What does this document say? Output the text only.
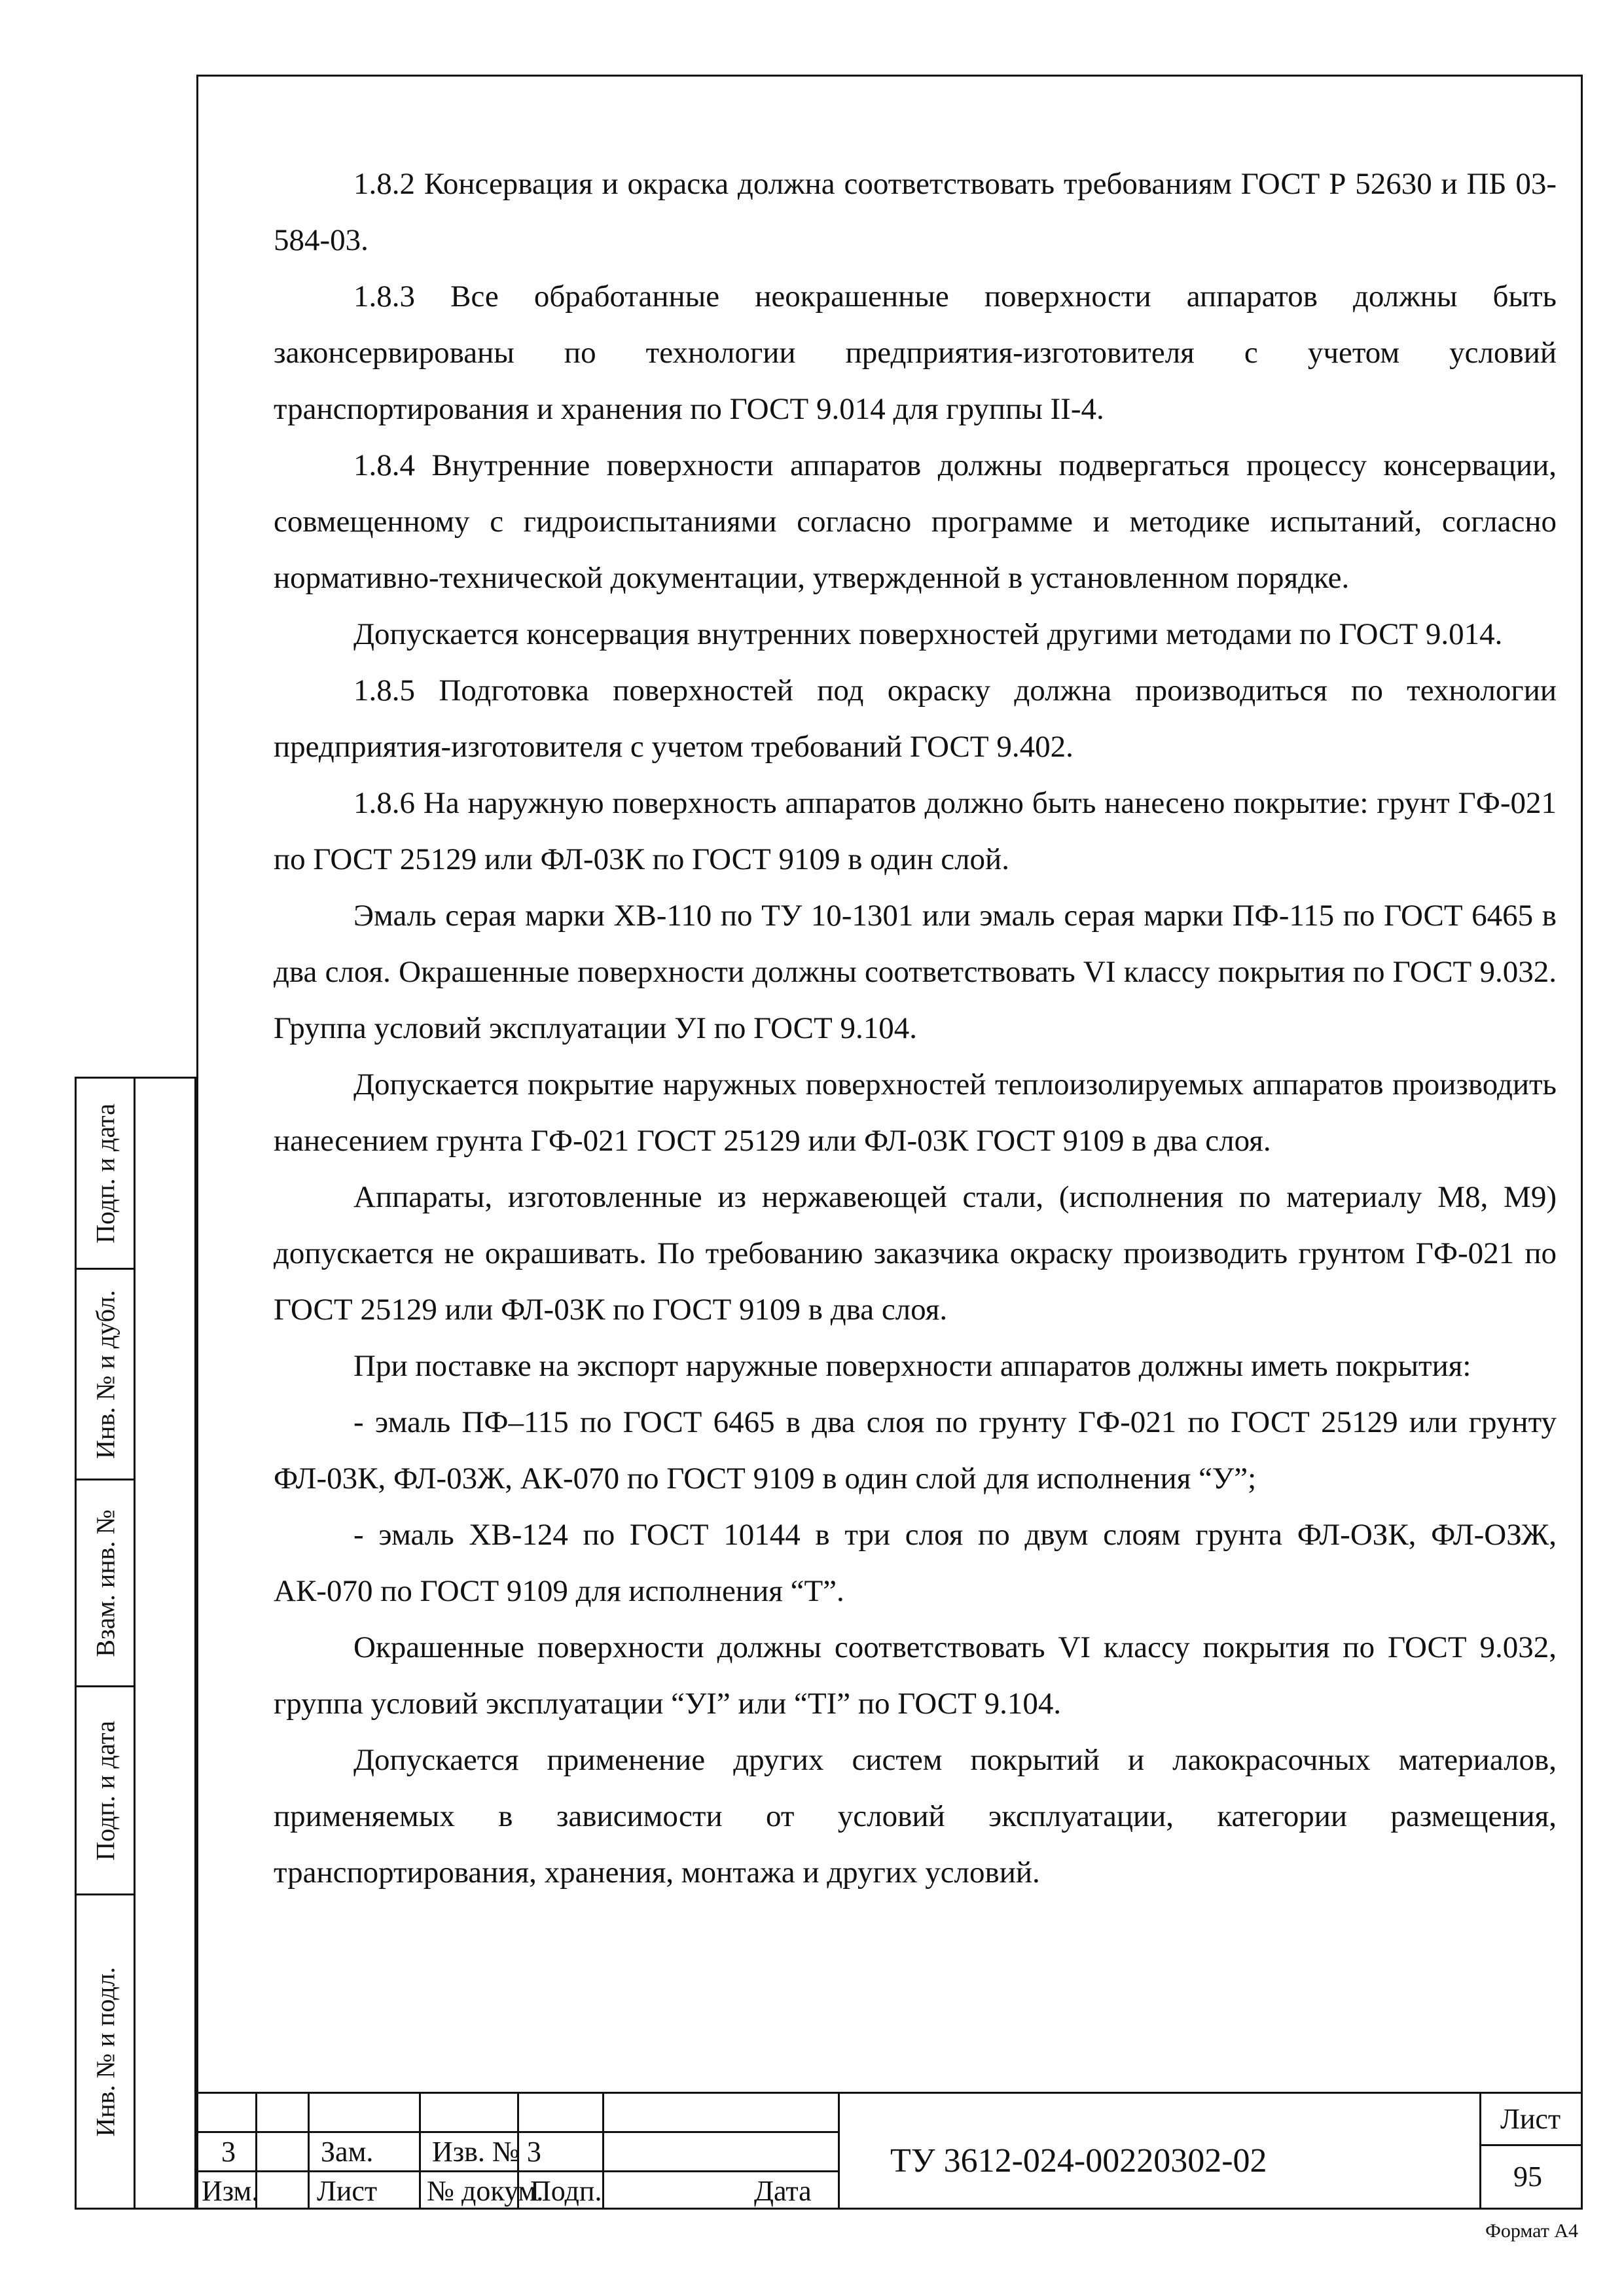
1.8.2 Консервация и окраска должна соответствовать требованиям ГОСТ Р 52630 и ПБ 03-584-03.

1.8.3 Все обработанные неокрашенные поверхности аппаратов должны быть законсервированы по технологии предприятия-изготовителя с учетом условий транспортирования и хранения по ГОСТ 9.014 для группы II-4.

1.8.4 Внутренние поверхности аппаратов должны подвергаться процессу консервации, совмещенному с гидроиспытаниями согласно программе и методике испытаний, согласно нормативно-технической документации, утвержденной в установленном порядке.

Допускается консервация внутренних поверхностей другими методами по ГОСТ 9.014.

1.8.5 Подготовка поверхностей под окраску должна производиться по технологии предприятия-изготовителя с учетом требований ГОСТ 9.402.

1.8.6 На наружную поверхность аппаратов должно быть нанесено покрытие: грунт ГФ-021 по ГОСТ 25129 или ФЛ-03К по ГОСТ 9109 в один слой.

Эмаль серая марки ХВ-110 по ТУ 10-1301 или эмаль серая марки ПФ-115 по ГОСТ 6465 в два слоя. Окрашенные поверхности должны соответствовать VI классу покрытия по ГОСТ 9.032. Группа условий эксплуатации УI по ГОСТ 9.104.

Допускается покрытие наружных поверхностей теплоизолируемых аппаратов производить нанесением грунта ГФ-021 ГОСТ 25129 или ФЛ-03К ГОСТ 9109 в два слоя.

Аппараты, изготовленные из нержавеющей стали, (исполнения по материалу М8, М9) допускается не окрашивать. По требованию заказчика окраску производить грунтом ГФ-021 по ГОСТ 25129 или ФЛ-03К по ГОСТ 9109 в два слоя.

При поставке на экспорт наружные поверхности аппаратов должны иметь покрытия:

- эмаль ПФ–115 по ГОСТ 6465 в два слоя по грунту ГФ-021 по ГОСТ 25129 или грунту ФЛ-03К, ФЛ-03Ж, АК-070 по ГОСТ 9109 в один слой для исполнения “У”;

- эмаль ХВ-124 по ГОСТ 10144 в три слоя по двум слоям грунта ФЛ-ОЗК, ФЛ-ОЗЖ, АК-070 по ГОСТ 9109 для исполнения “Т”.

Окрашенные поверхности должны соответствовать VI классу покрытия по ГОСТ 9.032, группа условий эксплуатации “УI” или “ТI” по ГОСТ 9.104.

Допускается применение других систем покрытий и лакокрасочных материалов, применяемых в зависимости от условий эксплуатации, категории размещения, транспортирования, хранения, монтажа и других условий.

Подп. и дата
Инв. № и дубл.
Взам. инв. №
Подп. и дата
Инв. № и подл.
3	Зам. Изв. № 3
Изм. Лист № докум.
Подп.	Дата
ТУ 3612-024-00220302-02
Лист
95
Формат А4
